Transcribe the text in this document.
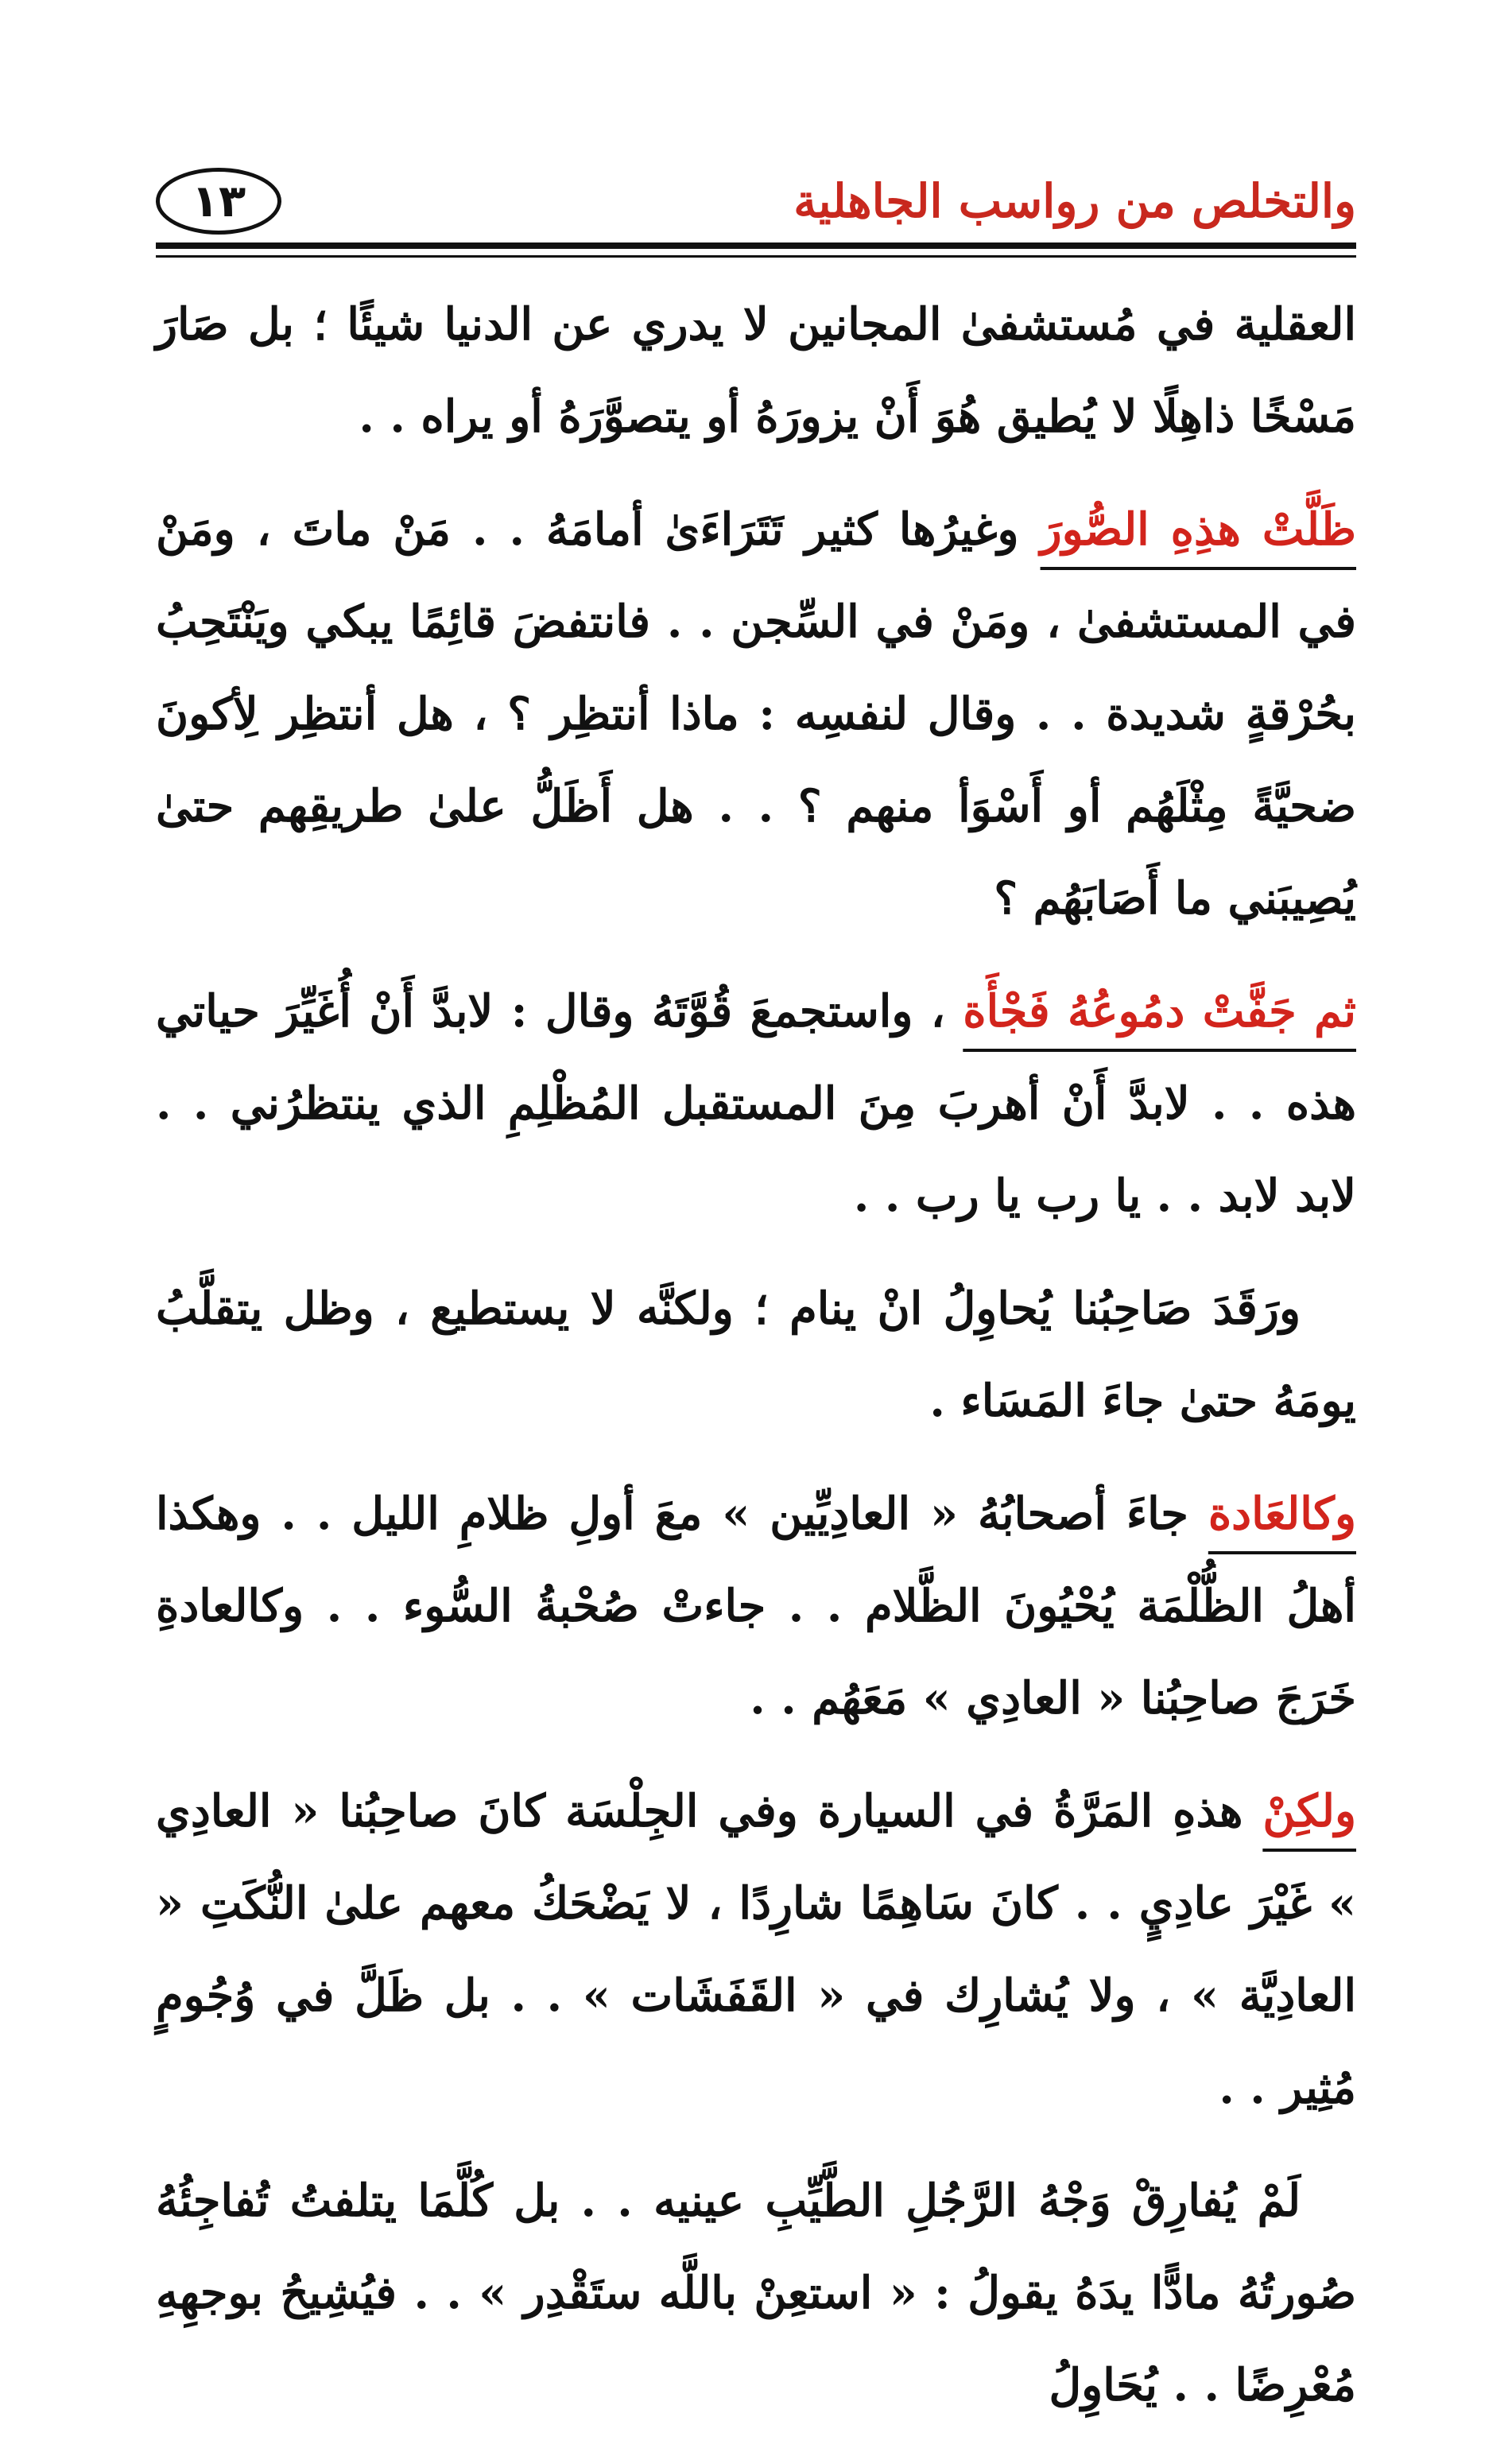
والتخلص من رواسب الجاهلية
١٣

العقلية في مُستشفىٰ المجانين لا يدري عن الدنيا شيئًا ؛ بل صَارَ مَسْخًا ذاهِلًا لا يُطيق هُوَ أَنْ يزورَهُ أو يتصوَّرَهُ أو يراه . .

ظَلَّتْ هذِهِ الصُّورَ وغيرُها كثير تَتَرَاءَىٰ أمامَهُ . . مَنْ ماتَ ، ومَنْ في المستشفىٰ ، ومَنْ في السِّجن . . فانتفضَ قائِمًا يبكي ويَنْتَحِبُ بحُرْقةٍ شديدة . . وقال لنفسِه : ماذا أنتظِر ؟ ، هل أنتظِر لِأكونَ ضحيَّةً مِثْلَهُم أو أَسْوَأ منهم ؟ . . هل أَظَلُّ علىٰ طريقِهم حتىٰ يُصِيبَني ما أَصَابَهُم ؟

ثم جَفَّتْ دمُوعُهُ فَجْأَة ، واستجمعَ قُوَّتَهُ وقال : لابدَّ أَنْ أُغَيِّرَ حياتي هذه . . لابدَّ أَنْ أهربَ مِنَ المستقبل المُظْلِمِ الذي ينتظرُني . . لابد لابد . . يا رب يا رب . .

ورَقَدَ صَاحِبُنا يُحاوِلُ انْ ينام ؛ ولكنَّه لا يستطيع ، وظل يتقلَّبُ يومَهُ حتىٰ جاءَ المَسَاء .

وكالعَادة جاءَ أصحابُهُ « العادِيِّين » معَ أولِ ظلامِ الليل . . وهكذا أهلُ الظُّلْمَة يُحْيُونَ الظَّلام . . جاءتْ صُحْبةُ السُّوء . . وكالعادةِ خَرَجَ صاحِبُنا « العادِي » مَعَهُم . .

ولكِنْ هذهِ المَرَّةُ في السيارة وفي الجِلْسَة كانَ صاحِبُنا « العادِي » غَيْرَ عادِيٍ . . كانَ سَاهِمًا شارِدًا ، لا يَضْحَكُ معهم علىٰ النُّكَتِ « العادِيَّة » ، ولا يُشارِك في « القَفَشَات » . . بل ظَلَّ في وُجُومٍ مُثِير . .

لَمْ يُفارِقْ وَجْهُ الرَّجُلِ الطَّيِّبِ عينيه . . بل كُلَّمَا يتلفتُ تُفاجِئُهُ صُورتُهُ مادًّا يدَهُ يقولُ : « استعِنْ باللَّه ستَقْدِر » . . فيُشِيحُ بوجهِهِ مُعْرِضًا . . يُحَاوِلُ
